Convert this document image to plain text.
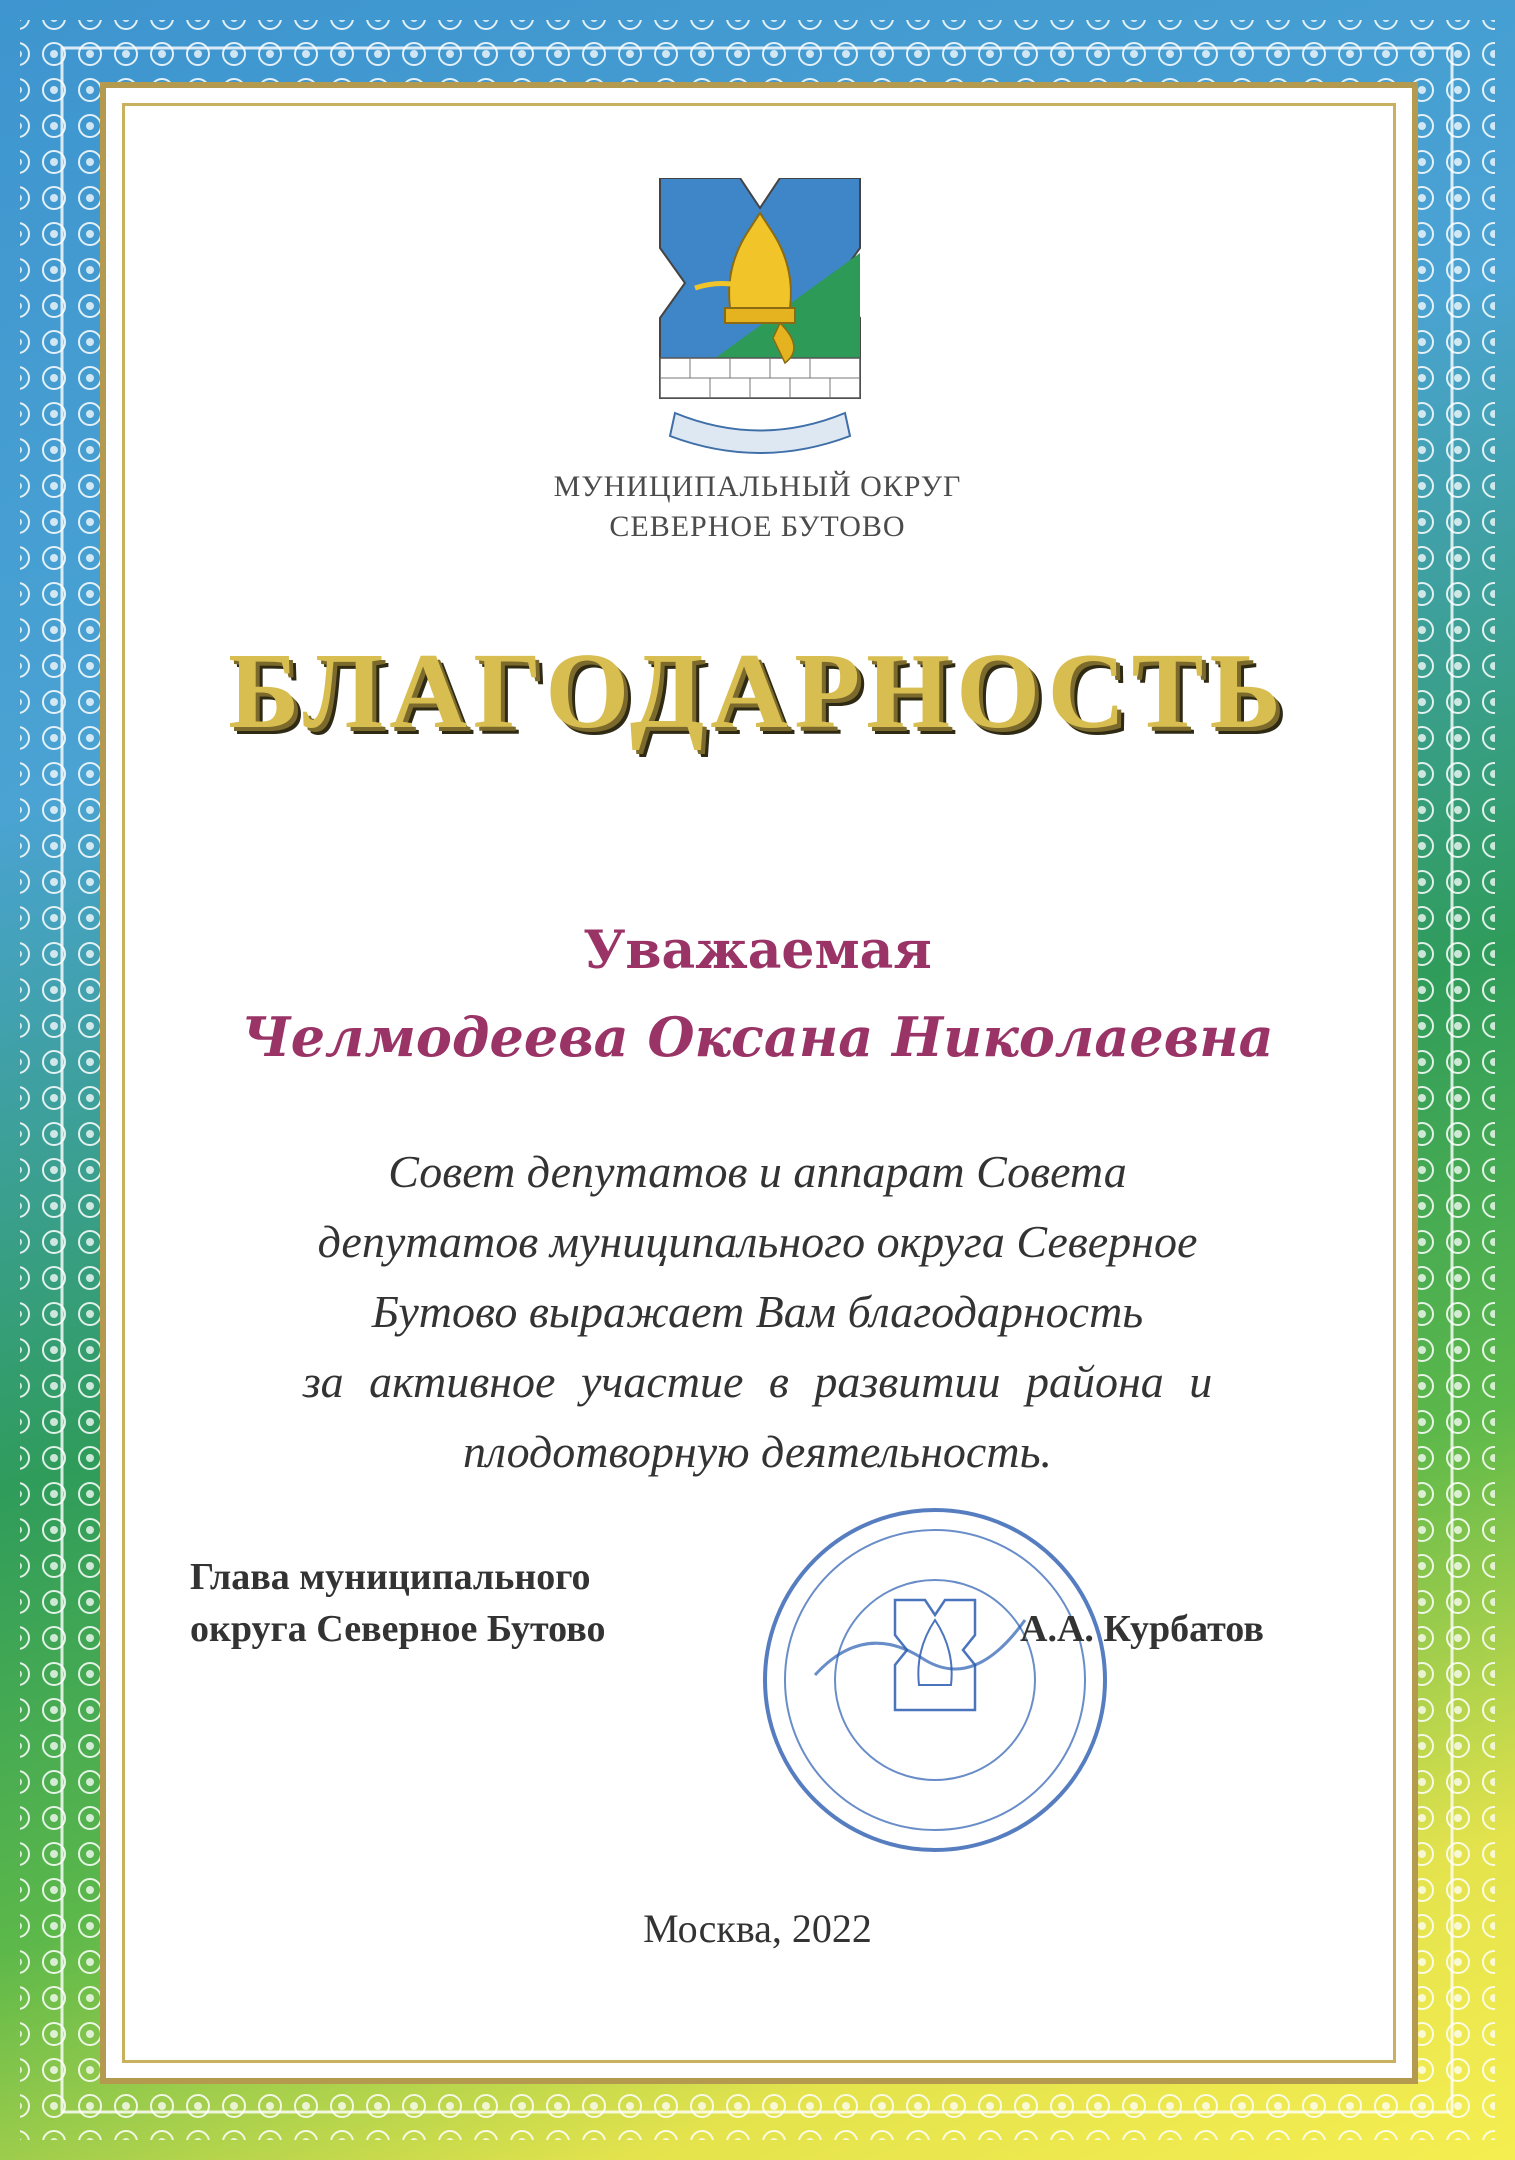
МУНИЦИПАЛЬНЫЙ ОКРУГ
СЕВЕРНОЕ БУТОВО
БЛАГОДАРНОСТЬ
Уважаемая
Челмодеева Оксана Николаевна
Совет депутатов и аппарат Совета
депутатов муниципального округа Северное
Бутово выражает Вам благодарность
за активное участие в развитии района и
плодотворную деятельность.
Глава муниципального
округа Северное Бутово	А.А. Курбатов
Москва, 2022
